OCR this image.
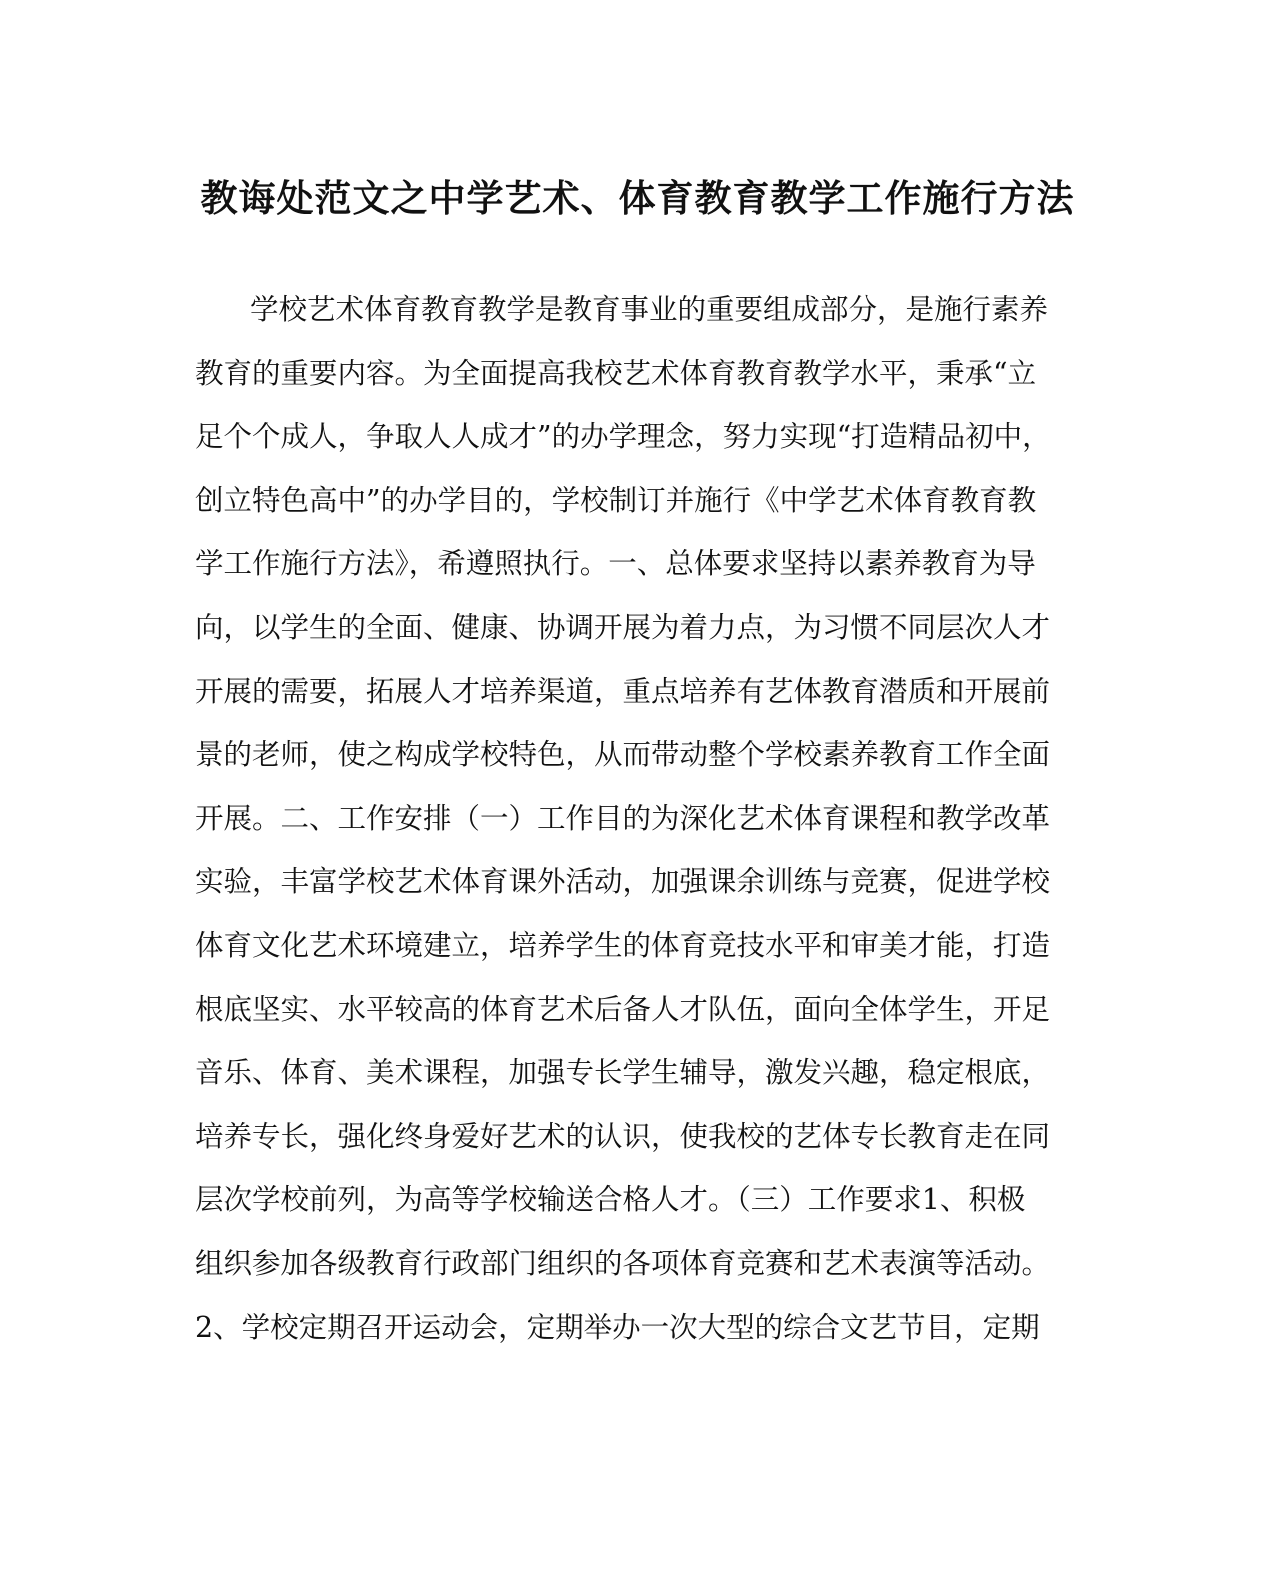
教诲处范文之中学艺术、体育教育教学工作施行方法
学校艺术体育教育教学是教育事业的重要组成部分，是施行素养
教育的重要内容。为全面提高我校艺术体育教育教学水平，秉承“立
足个个成人，争取人人成才”的办学理念，努力实现“打造精品初中，
创立特色高中”的办学目的，学校制订并施行《中学艺术体育教育教
学工作施行方法》，希遵照执行。一、总体要求坚持以素养教育为导
向，以学生的全面、健康、协调开展为着力点，为习惯不同层次人才
开展的需要，拓展人才培养渠道，重点培养有艺体教育潜质和开展前
景的老师，使之构成学校特色，从而带动整个学校素养教育工作全面
开展。二、工作安排（一）工作目的为深化艺术体育课程和教学改革
实验，丰富学校艺术体育课外活动，加强课余训练与竞赛，促进学校
体育文化艺术环境建立，培养学生的体育竞技水平和审美才能，打造
根底坚实、水平较高的体育艺术后备人才队伍，面向全体学生，开足
音乐、体育、美术课程，加强专长学生辅导，激发兴趣，稳定根底，
培养专长，强化终身爱好艺术的认识，使我校的艺体专长教育走在同
层次学校前列，为高等学校输送合格人才。（三）工作要求1、积极
组织参加各级教育行政部门组织的各项体育竞赛和艺术表演等活动。
2、学校定期召开运动会，定期举办一次大型的综合文艺节目，定期
